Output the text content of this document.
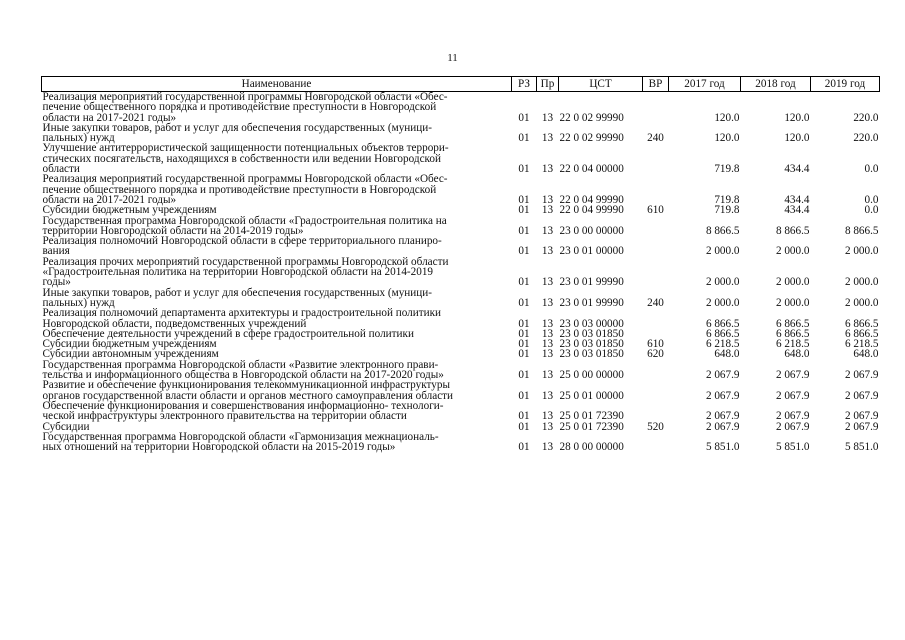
11
Наименование	РЗ	Пр	ЦСТ	ВР	2017 год	2018 год	2019 год

Реализация мероприятий государственной программы Новгородской области «Обес-
печение общественного порядка и противодействие преступности в Новгородской
области на 2017-2021 годы»	01	13	22 0 02 99990		120.0	120.0	220.0

Иные закупки товаров, работ и услуг для обеспечения государственных (муници-
пальных) нужд	01	13	22 0 02 99990	240	120.0	120.0	220.0

Улучшение антитеррористической защищенности потенциальных объектов террори-
стических посягательств, находящихся в собственности или ведении Новгородской
области	01	13	22 0 04 00000		719.8	434.4	0.0

Реализация мероприятий государственной программы Новгородской области «Обес-
печение общественного порядка и противодействие преступности в Новгородской
области на 2017-2021 годы»	01	13	22 0 04 99990		719.8	434.4	0.0

Субсидии бюджетным учреждениям	01	13	22 0 04 99990	610	719.8	434.4	0.0

Государственная программа Новгородской области «Градостроительная политика на
территории Новгородской области на 2014-2019 годы»	01	13	23 0 00 00000		8 866.5	8 866.5	8 866.5

Реализация полномочий Новгородской области в сфере территориального планиро-
вания	01	13	23 0 01 00000		2 000.0	2 000.0	2 000.0

Реализация прочих мероприятий государственной программы Новгородской области
«Градостроительная политика на территории Новгородской области на 2014-2019
годы»	01	13	23 0 01 99990		2 000.0	2 000.0	2 000.0

Иные закупки товаров, работ и услуг для обеспечения государственных (муници-
пальных) нужд	01	13	23 0 01 99990	240	2 000.0	2 000.0	2 000.0

Реализация полномочий департамента архитектуры и градостроительной политики
Новгородской области, подведомственных учреждений	01	13	23 0 03 00000		6 866.5	6 866.5	6 866.5

Обеспечение деятельности учреждений в сфере градостроительной политики	01	13	23 0 03 01850		6 866.5	6 866.5	6 866.5

Субсидии бюджетным учреждениям	01	13	23 0 03 01850	610	6 218.5	6 218.5	6 218.5

Субсидии автономным учреждениям	01	13	23 0 03 01850	620	648.0	648.0	648.0

Государственная программа Новгородской области «Развитие электронного прави-
тельства и информационного общества в Новгородской области на 2017-2020 годы»	01	13	25 0 00 00000		2 067.9	2 067.9	2 067.9

Развитие и обеспечение функционирования телекоммуникационной инфраструктуры
органов государственной власти области и органов местного самоуправления области	01	13	25 0 01 00000		2 067.9	2 067.9	2 067.9

Обеспечение функционирования и совершенствования информационно- технологи-
ческой инфраструктуры электронного правительства на территории области	01	13	25 0 01 72390		2 067.9	2 067.9	2 067.9

Субсидии	01	13	25 0 01 72390	520	2 067.9	2 067.9	2 067.9

Государственная программа Новгородской области «Гармонизация межнациональ-
ных отношений на территории Новгородской области на 2015-2019 годы»	01	13	28 0 00 00000		5 851.0	5 851.0	5 851.0
